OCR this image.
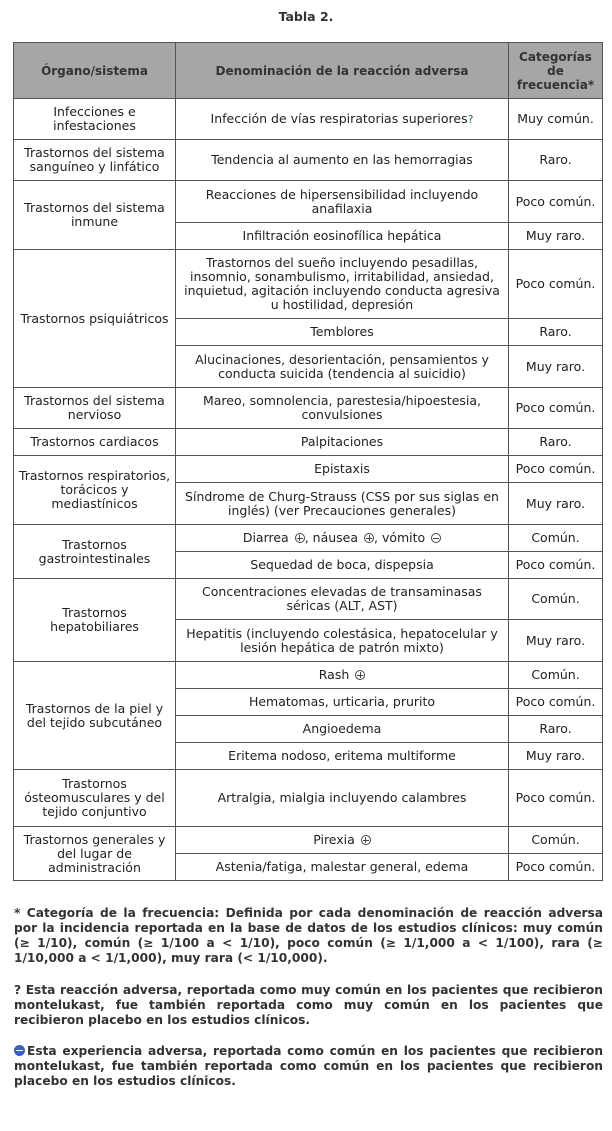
Tabla 2.
Órgano/sistema	Denominación de la reacción adversa	Categorías de frecuencia*
Infecciones e infestaciones	Infección de vías respiratorias superiores?	Muy común.
Trastornos del sistema sanguíneo y linfático	Tendencia al aumento en las hemorragias	Raro.
Trastornos del sistema inmune	Reacciones de hipersensibilidad incluyendo anafilaxia	Poco común.
	Infiltración eosinofílica hepática	Muy raro.
Trastornos psiquiátricos	Trastornos del sueño incluyendo pesadillas, insomnio, sonambulismo, irritabilidad, ansiedad, inquietud, agitación incluyendo conducta agresiva u hostilidad, depresión	Poco común.
	Temblores	Raro.
	Alucinaciones, desorientación, pensamientos y conducta suicida (tendencia al suicidio)	Muy raro.
Trastornos del sistema nervioso	Mareo, somnolencia, parestesia/hipoestesia, convulsiones	Poco común.
Trastornos cardiacos	Palpitaciones	Raro.
Trastornos respiratorios, torácicos y mediastínicos	Epistaxis	Poco común.
	Síndrome de Churg-Strauss (CSS por sus siglas en inglés) (ver Precauciones generales)	Muy raro.
Trastornos gastrointestinales	Diarrea , náusea , vómito	Común.
	Sequedad de boca, dispepsia	Poco común.
Trastornos hepatobiliares	Concentraciones elevadas de transaminasas séricas (ALT, AST)	Común.
	Hepatitis (incluyendo colestásica, hepatocelular y lesión hepática de patrón mixto)	Muy raro.
Trastornos de la piel y del tejido subcutáneo	Rash	Común.
	Hematomas, urticaria, prurito	Poco común.
	Angioedema	Raro.
	Eritema nodoso, eritema multiforme	Muy raro.
Trastornos ósteomusculares y del tejido conjuntivo	Artralgia, mialgia incluyendo calambres	Poco común.
Trastornos generales y del lugar de administración	Pirexia	Común.
	Astenia/fatiga, malestar general, edema	Poco común.
* Categoría de la frecuencia: Definida por cada denominación de reacción adversa por la incidencia reportada en la base de datos de los estudios clínicos: muy común (≥ 1/10), común (≥ 1/100 a < 1/10), poco común (≥ 1/1,000 a < 1/100), rara (≥ 1/10,000 a < 1/1,000), muy rara (< 1/10,000).
? Esta reacción adversa, reportada como muy común en los pacientes que recibieron montelukast, fue también reportada como muy común en los pacientes que recibieron placebo en los estudios clínicos.
Esta experiencia adversa, reportada como común en los pacientes que recibieron montelukast, fue también reportada como común en los pacientes que recibieron placebo en los estudios clínicos.
